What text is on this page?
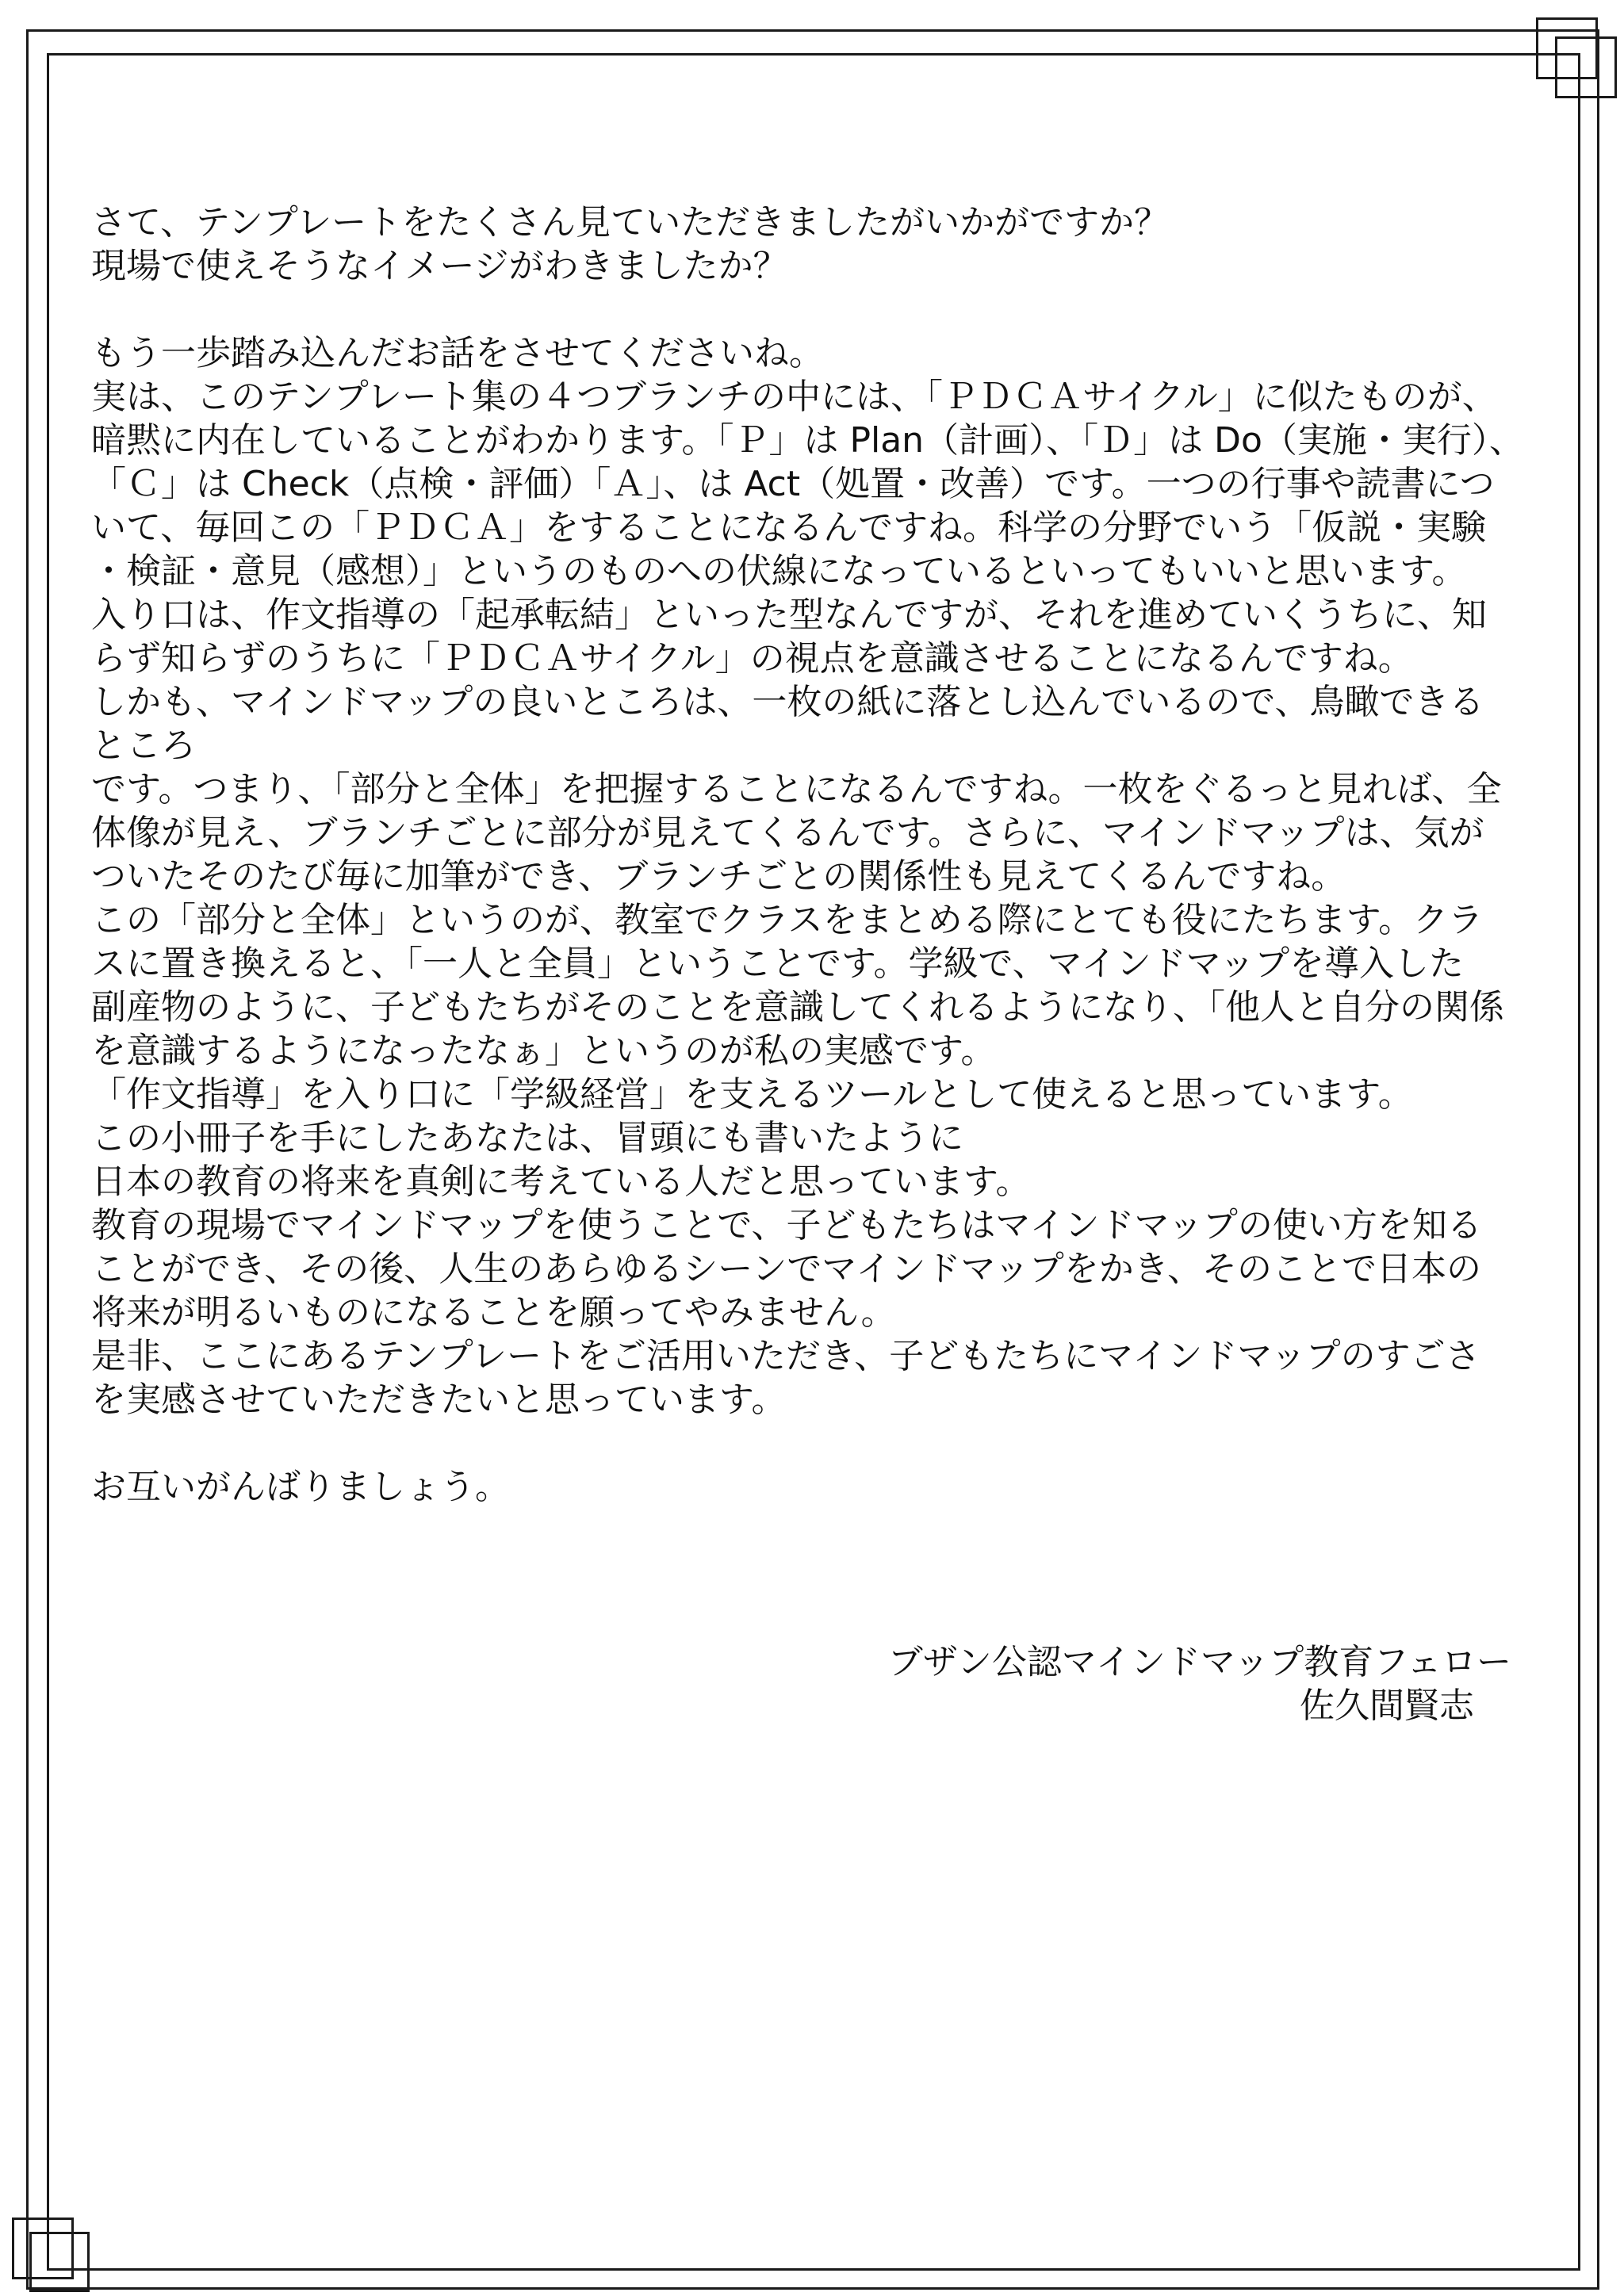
さて、テンプレートをたくさん見ていただきましたがいかがですか？
現場で使えそうなイメージがわきましたか？
もう一歩踏み込んだお話をさせてくださいね。
実は、このテンプレート集の４つブランチの中には、「ＰＤＣＡサイクル」に似たものが、
暗黙に内在していることがわかります。「Ｐ」は Plan（計画）、「Ｄ」は Do（実施・実行）、
「Ｃ」は Check（点検・評価）「Ａ」、は Act（処置・改善）です。一つの行事や読書につ
いて、毎回この「ＰＤＣＡ」をすることになるんですね。科学の分野でいう「仮説・実験
・検証・意見（感想）」というのものへの伏線になっているといってもいいと思います。
入り口は、作文指導の「起承転結」といった型なんですが、それを進めていくうちに、知
らず知らずのうちに「ＰＤＣＡサイクル」の視点を意識させることになるんですね。
しかも、マインドマップの良いところは、一枚の紙に落とし込んでいるので、鳥瞰できる
ところ
です。つまり、「部分と全体」を把握することになるんですね。一枚をぐるっと見れば、全
体像が見え、ブランチごとに部分が見えてくるんです。さらに、マインドマップは、気が
ついたそのたび毎に加筆ができ、ブランチごとの関係性も見えてくるんですね。
この「部分と全体」というのが、教室でクラスをまとめる際にとても役にたちます。クラ
スに置き換えると、「一人と全員」ということです。学級で、マインドマップを導入した
副産物のように、子どもたちがそのことを意識してくれるようになり、「他人と自分の関係
を意識するようになったなぁ」というのが私の実感です。
「作文指導」を入り口に「学級経営」を支えるツールとして使えると思っています。
この小冊子を手にしたあなたは、冒頭にも書いたように
日本の教育の将来を真剣に考えている人だと思っています。
教育の現場でマインドマップを使うことで、子どもたちはマインドマップの使い方を知る
ことができ、その後、人生のあらゆるシーンでマインドマップをかき、そのことで日本の
将来が明るいものになることを願ってやみません。
是非、ここにあるテンプレートをご活用いただき、子どもたちにマインドマップのすごさ
を実感させていただきたいと思っています。
お互いがんばりましょう。
ブザン公認マインドマップ教育フェロー
佐久間賢志
